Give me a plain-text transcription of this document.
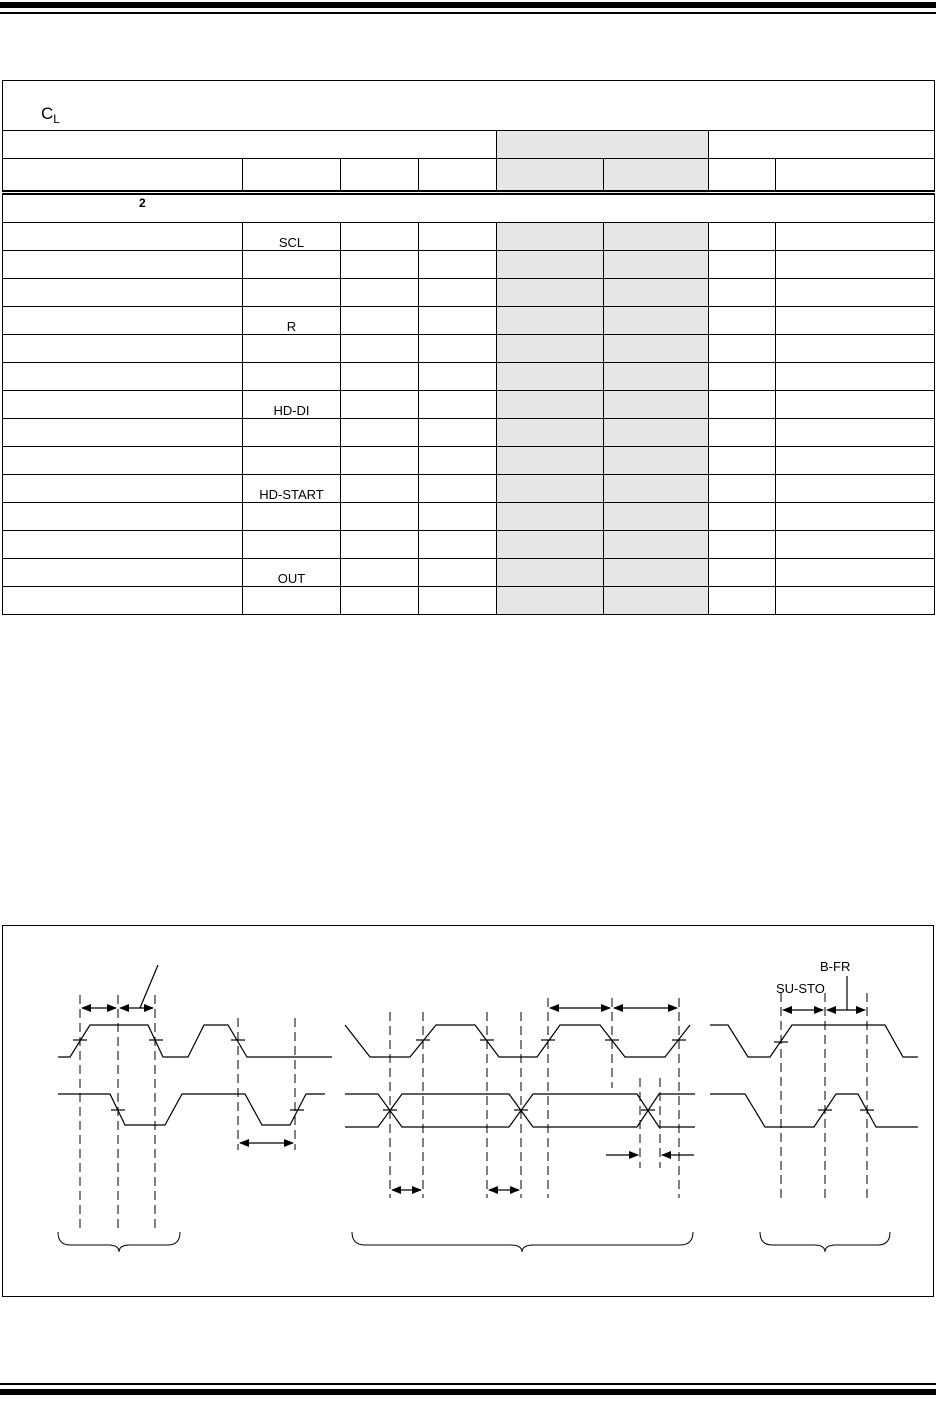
$C_L$

2							
	SCL						

	R						

	HD-DI						

	HD-START						

	OUT						

B-FR
SU-STO
